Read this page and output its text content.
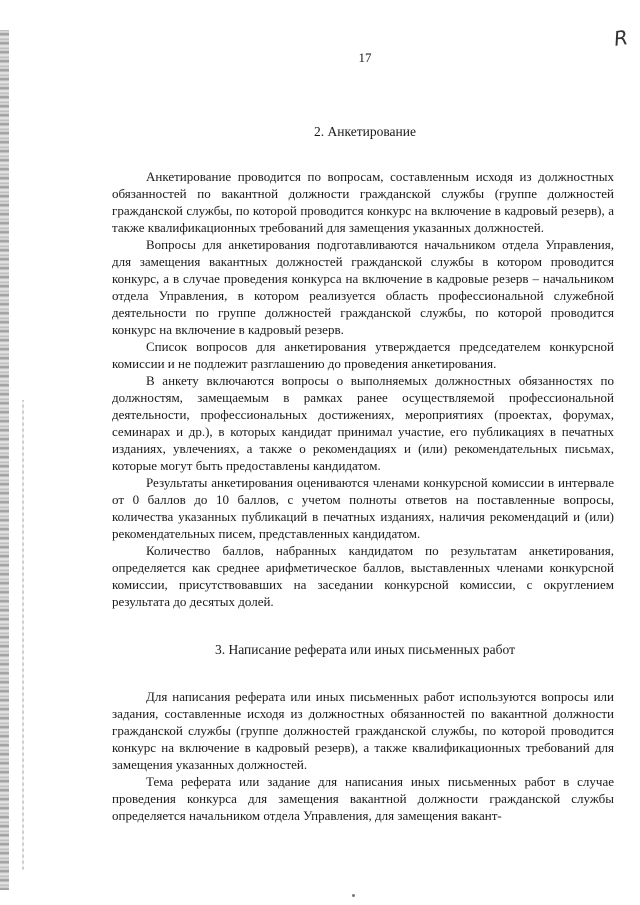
R
17
2. Анкетирование

Анкетирование проводится по вопросам, составленным исходя из должностных обязанностей по вакантной должности гражданской службы (группе должностей гражданской службы, по которой проводится конкурс на включение в кадровый резерв), а также квалификационных требований для замещения указанных должностей.

Вопросы для анкетирования подготавливаются начальником отдела Управления, для замещения вакантных должностей гражданской службы в котором проводится конкурс, а в случае проведения конкурса на включение в кадровые резерв – начальником отдела Управления, в котором реализуется область профессиональной служебной деятельности по группе должностей гражданской службы, по которой проводится конкурс на включение в кадровый резерв.

Список вопросов для анкетирования утверждается председателем конкурсной комиссии и не подлежит разглашению до проведения анкетирования.

В анкету включаются вопросы о выполняемых должностных обязанностях по должностям, замещаемым в рамках ранее осуществляемой профессиональной деятельности, профессиональных достижениях, мероприятиях (проектах, форумах, семинарах и др.), в которых кандидат принимал участие, его публикациях в печатных изданиях, увлечениях, а также о рекомендациях и (или) рекомендательных письмах, которые могут быть предоставлены кандидатом.

Результаты анкетирования оцениваются членами конкурсной комиссии в интервале от 0 баллов до 10 баллов, с учетом полноты ответов на поставленные вопросы, количества указанных публикаций в печатных изданиях, наличия рекомендаций и (или) рекомендательных писем, представленных кандидатом.

Количество баллов, набранных кандидатом по результатам анкетирования, определяется как среднее арифметическое баллов, выставленных членами конкурсной комиссии, присутствовавших на заседании конкурсной комиссии, с округлением результата до десятых долей.

3. Написание реферата или иных письменных работ

Для написания реферата или иных письменных работ используются вопросы или задания, составленные исходя из должностных обязанностей по вакантной должности гражданской службы (группе должностей гражданской службы, по которой проводится конкурс на включение в кадровый резерв), а также квалификационных требований для замещения указанных должностей.

Тема реферата или задание для написания иных письменных работ в случае проведения конкурса для замещения вакантной должности гражданской службы определяется начальником отдела Управления, для замещения вакант-
